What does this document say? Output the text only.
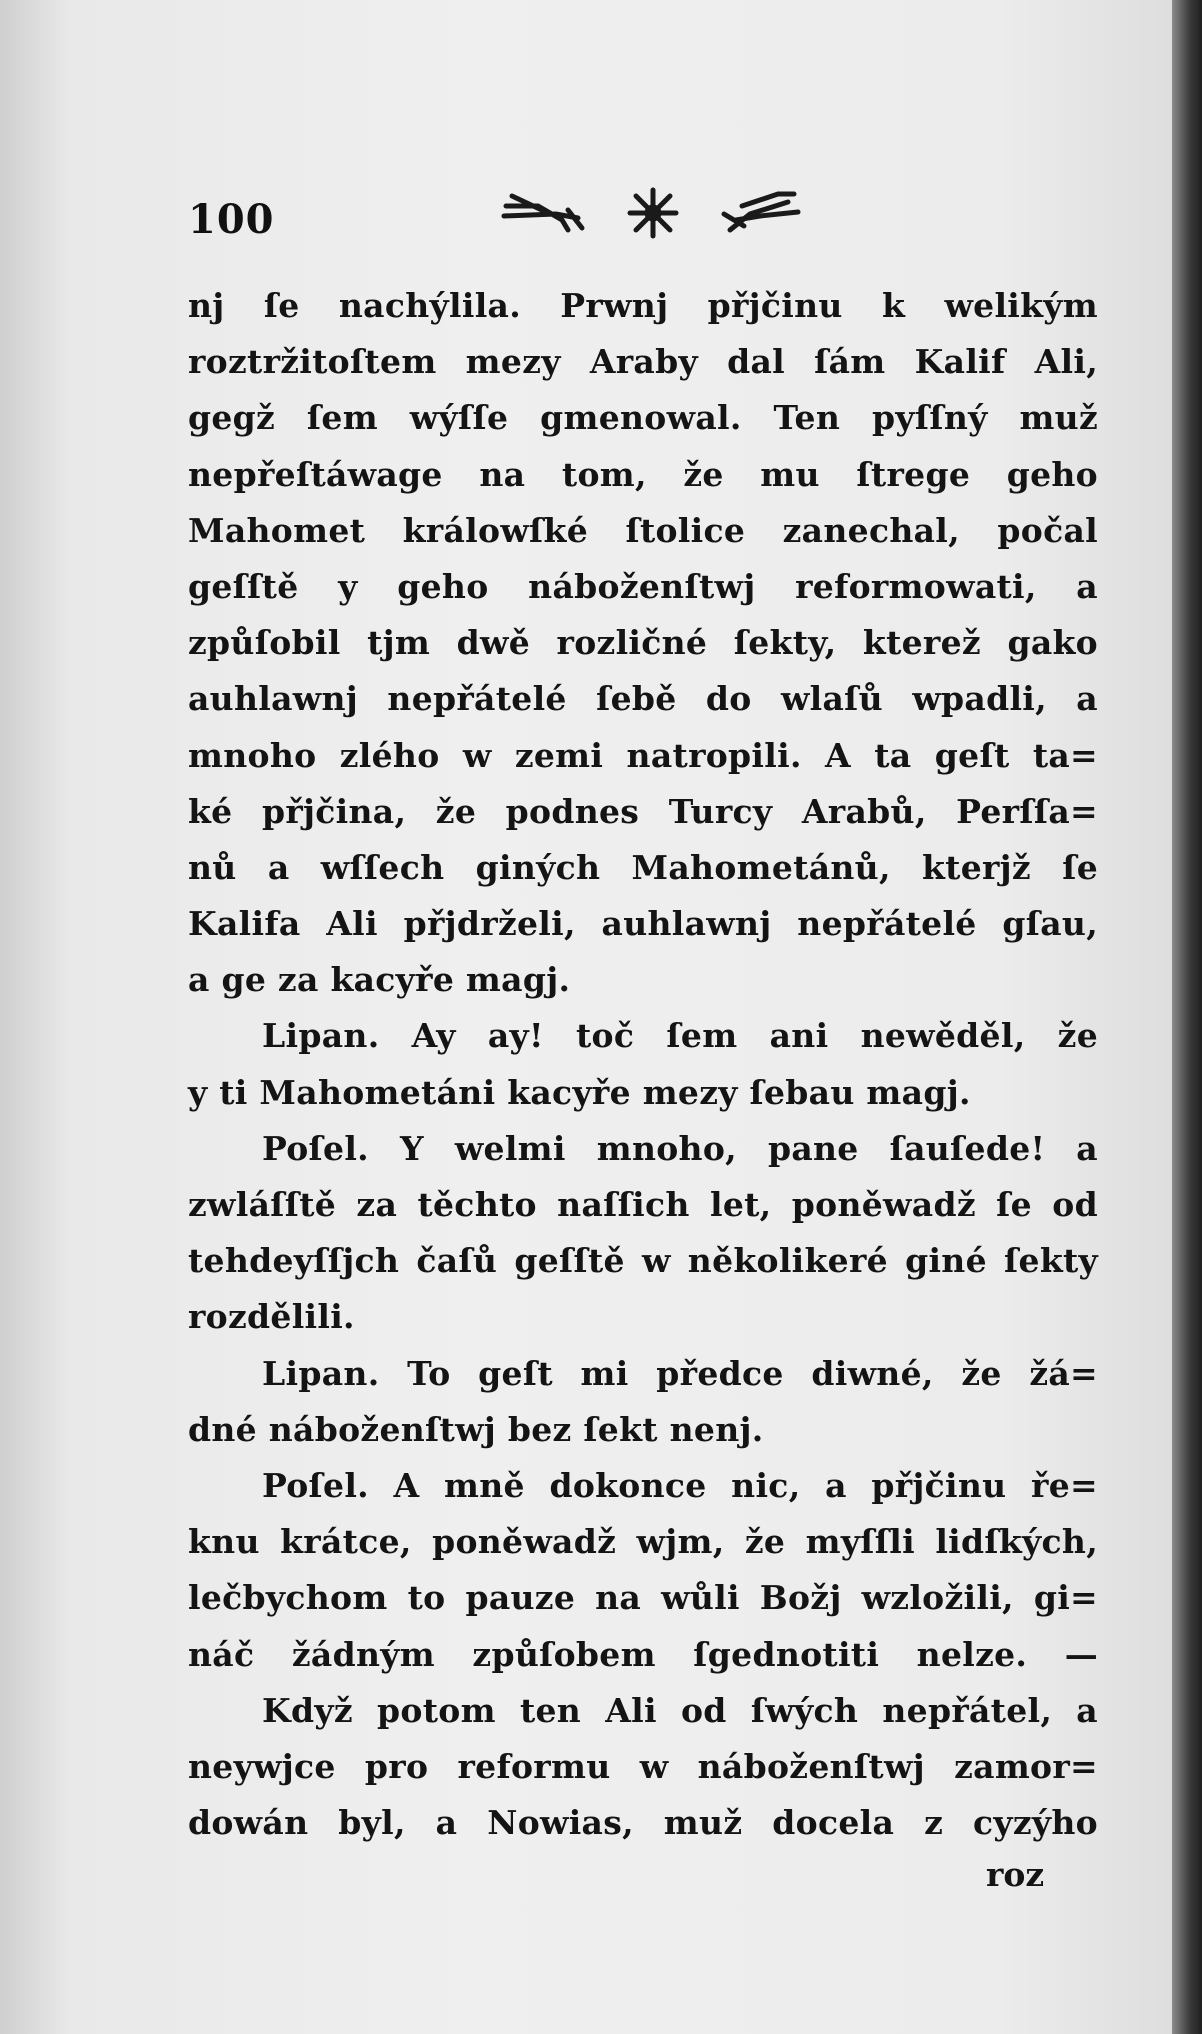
100
nj ſe nachýlila. Prwnj přjčinu k welikým
roztržitoſtem mezy Araby dal ſám Kalif Ali,
gegž ſem wýſſe gmenowal. Ten pyſſný muž
nepřeſtáwage na tom, že mu ſtrege geho
Mahomet králowſké ſtolice zanechal, počal
geſſtě y geho náboženſtwj reformowati, a
způſobil tjm dwě rozličné ſekty, kterež gako
auhlawnj nepřátelé ſebě do wlaſů wpadli, a
mnoho zlého w zemi natropili. A ta geſt ta=
ké přjčina, že podnes Turcy Arabů, Perſſa=
nů a wſſech giných Mahometánů, kterjž ſe
Kalifa Ali přjdrželi, auhlawnj nepřátelé gſau,
a ge za kacyře magj.
Lipan. Ay ay! toč ſem ani newěděl, že
y ti Mahometáni kacyře mezy ſebau magj.
Poſel. Y welmi mnoho, pane ſauſede! a
zwláſſtě za těchto naſſich let, poněwadž ſe od
tehdeyſſjch čaſů geſſtě w několikeré giné ſekty
rozdělili.
Lipan. To geſt mi předce diwné, že žá=
dné náboženſtwj bez ſekt nenj.
Poſel. A mně dokonce nic, a přjčinu ře=
knu krátce, poněwadž wjm, že myſſli lidſkých,
lečbychom to pauze na wůli Božj wzložili, gi=
náč žádným způſobem ſgednotiti nelze. —
Když potom ten Ali od ſwých nepřátel, a
neywjce pro reformu w náboženſtwj zamor=
dowán byl, a Nowias, muž docela z cyzýho
roz
